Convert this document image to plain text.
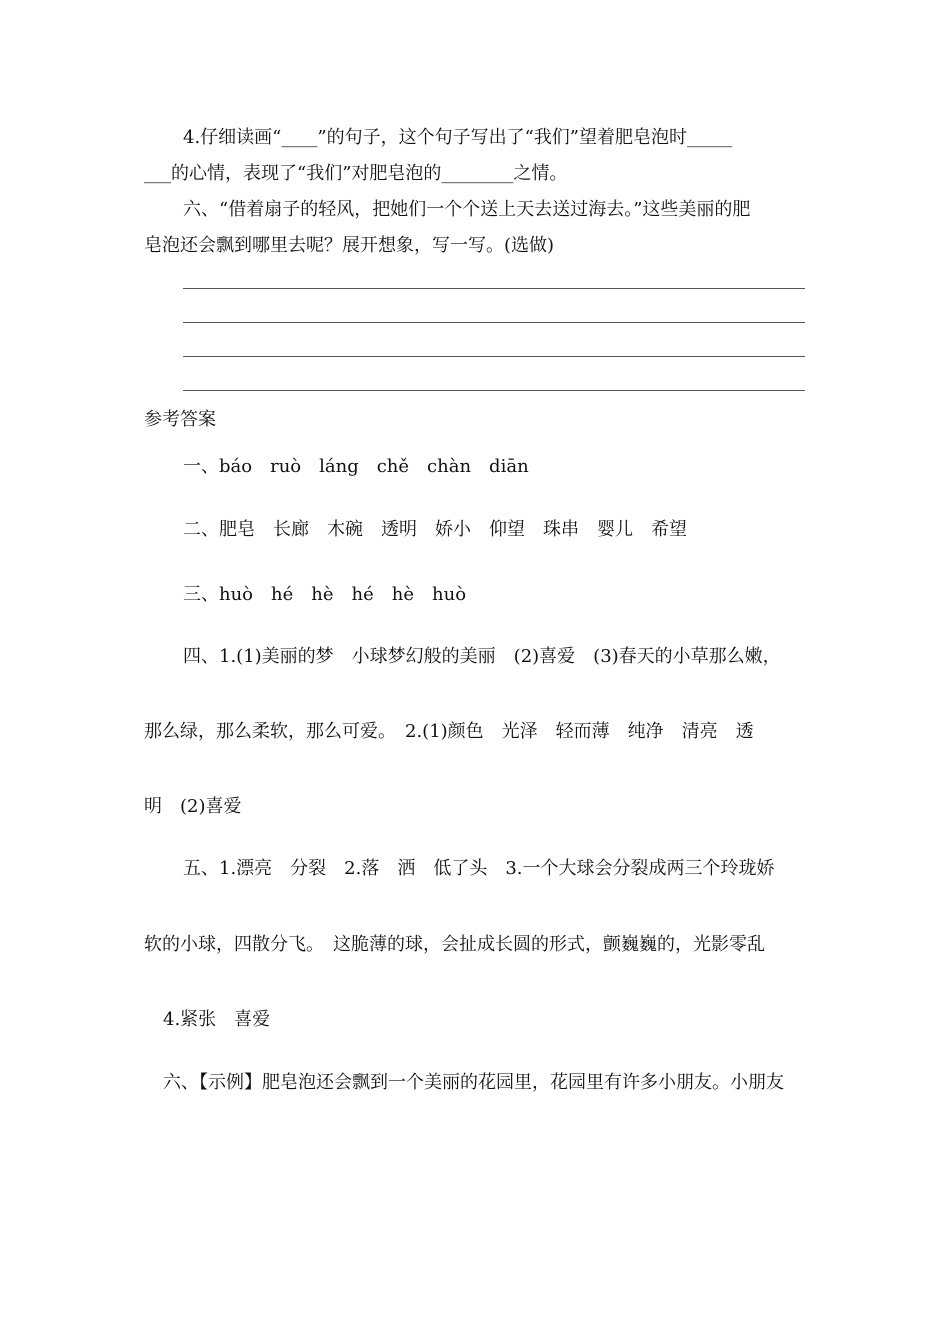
4.仔细读画“____”的句子，这个句子写出了“我们”望着肥皂泡时_____
___的心情，表现了“我们”对肥皂泡的________之情。
六、“借着扇子的轻风，把她们一个个送上天去送过海去。”这些美丽的肥
皂泡还会飘到哪里去呢？展开想象，写一写。(选做)
参考答案
一、báo　ruò　láng　chě　chàn　diān
二、肥皂　长廊　木碗　透明　娇小　仰望　珠串　婴儿　希望
三、huò　hé　hè　hé　hè　huò
四、1.(1)美丽的梦　小球梦幻般的美丽　(2)喜爱　(3)春天的小草那么嫩，
那么绿，那么柔软，那么可爱。　2.(1)颜色　光泽　轻而薄　纯净　清亮　透
明　(2)喜爱
五、1.漂亮　分裂　2.落　洒　低了头　3.一个大球会分裂成两三个玲珑娇
软的小球，四散分飞。　这脆薄的球，会扯成长圆的形式，颤巍巍的，光影零乱
4.紧张　喜爱
六、【示例】肥皂泡还会飘到一个美丽的花园里，花园里有许多小朋友。小朋友
